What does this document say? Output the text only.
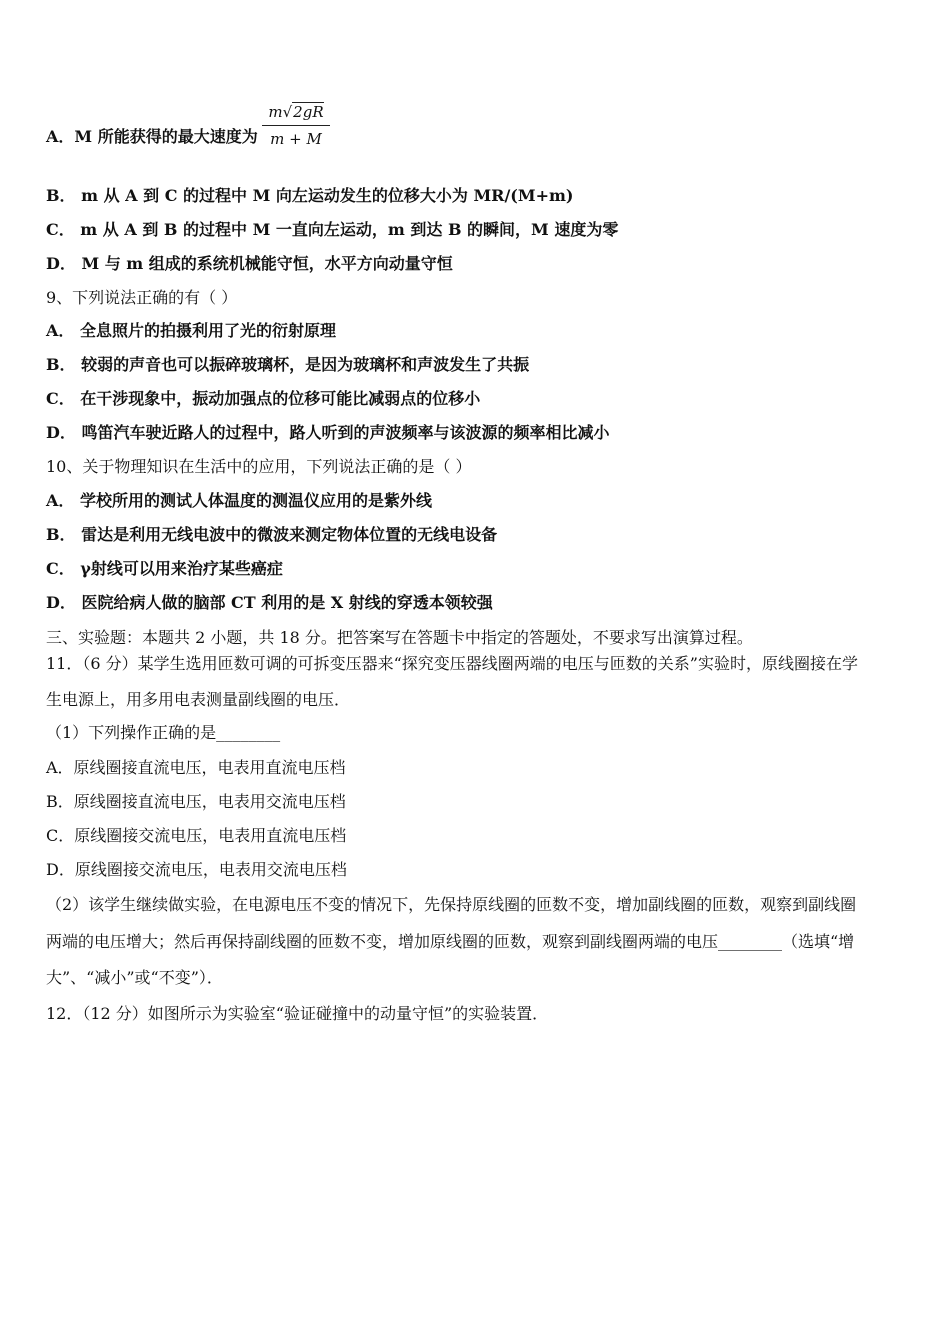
A．M 所能获得的最大速度为 $\frac{m√2gR}{m + M}$
B． m 从 A 到 C 的过程中 M 向左运动发生的位移大小为 MR/(M+m)
C． m 从 A 到 B 的过程中 M 一直向左运动，m 到达 B 的瞬间，M 速度为零
D． M 与 m 组成的系统机械能守恒，水平方向动量守恒
9、下列说法正确的有（ ）
A． 全息照片的拍摄利用了光的衍射原理
B． 较弱的声音也可以振碎玻璃杯，是因为玻璃杯和声波发生了共振
C． 在干涉现象中，振动加强点的位移可能比减弱点的位移小
D． 鸣笛汽车驶近路人的过程中，路人听到的声波频率与该波源的频率相比减小
10、关于物理知识在生活中的应用，下列说法正确的是（ ）
A． 学校所用的测试人体温度的测温仪应用的是紫外线
B． 雷达是利用无线电波中的微波来测定物体位置的无线电设备
C． γ射线可以用来治疗某些癌症
D． 医院给病人做的脑部 CT 利用的是 X 射线的穿透本领较强
三、实验题：本题共 2 小题，共 18 分。把答案写在答题卡中指定的答题处，不要求写出演算过程。
11．（6 分）某学生选用匝数可调的可拆变压器来“探究变压器线圈两端的电压与匝数的关系”实验时，原线圈接在学
生电源上，用多用电表测量副线圈的电压．
（1）下列操作正确的是________
A．原线圈接直流电压，电表用直流电压档
B．原线圈接直流电压，电表用交流电压档
C．原线圈接交流电压，电表用直流电压档
D．原线圈接交流电压，电表用交流电压档
（2）该学生继续做实验，在电源电压不变的情况下，先保持原线圈的匝数不变，增加副线圈的匝数，观察到副线圈
两端的电压增大；然后再保持副线圈的匝数不变，增加原线圈的匝数，观察到副线圈两端的电压________（选填“增
大”、“减小”或“不变”）．
12．（12 分）如图所示为实验室“验证碰撞中的动量守恒”的实验装置．
